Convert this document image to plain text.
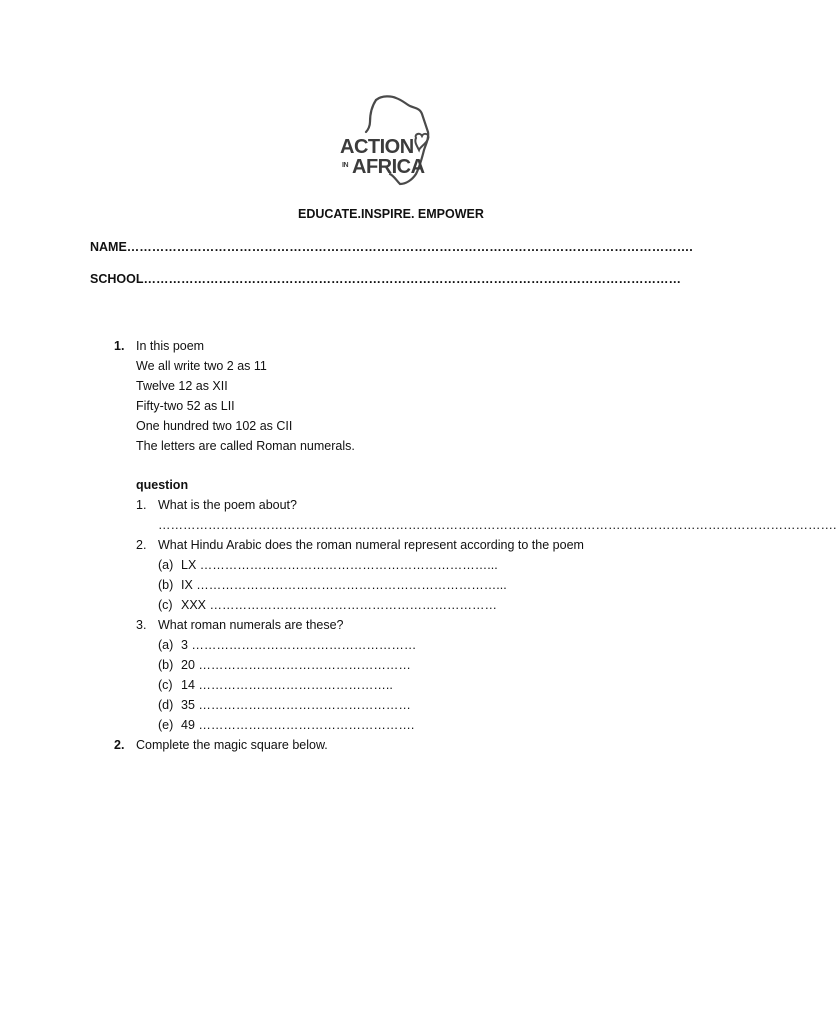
ACTION
IN AFRICA
EDUCATE.INSPIRE. EMPOWER
NAME……………………………………………………………………………………………………………………….
SCHOOL…………………………………………………………………………………………………………………
1. In this poem
We all write two 2 as 11
Twelve 12 as XII
Fifty-two 52 as LII
One hundred two 102 as CII
The letters are called Roman numerals.
question
1. What is the poem about?
……………………………………………………………………………………………………………………………………………….
2. What Hindu Arabic does the roman numeral represent according to the poem
(a) LX ……………………………………………………………...
(b) IX ………………………………………………………………...
(c) XXX ……………………………………………………………
3. What roman numerals are these?
(a) 3 ………………………………………………
(b) 20 ……………………………………………
(c) 14 ………………………………………..
(d) 35 ……………………………………………
(e) 49 …………………………………………….
2. Complete the magic square below.
